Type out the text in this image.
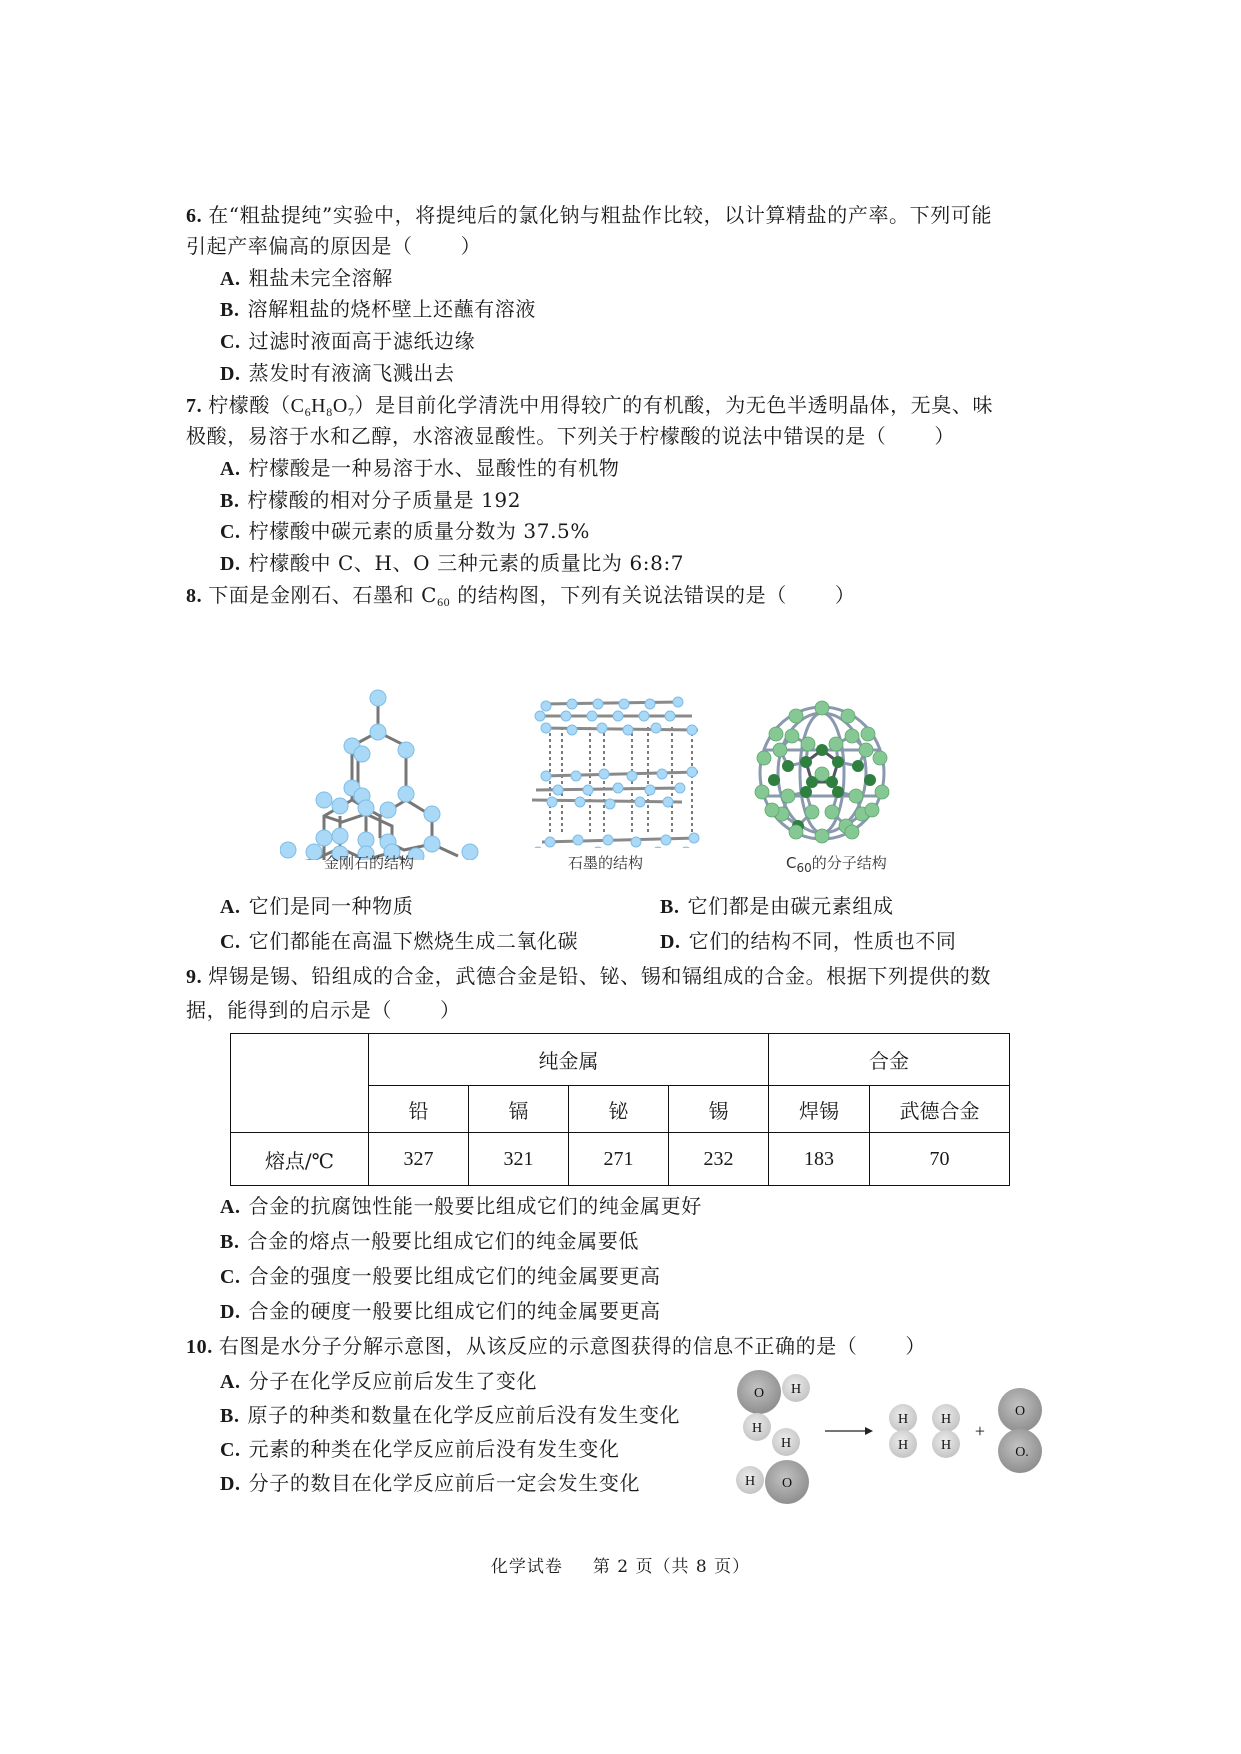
6. 在“粗盐提纯”实验中，将提纯后的氯化钠与粗盐作比较，以计算精盐的产率。下列可能
引起产率偏高的原因是（ ）
A. 粗盐未完全溶解
B. 溶解粗盐的烧杯壁上还蘸有溶液
C. 过滤时液面高于滤纸边缘
D. 蒸发时有液滴飞溅出去
7. 柠檬酸$(C_6H_8O_7)$是目前化学清洗中用得较广的有机酸，为无色半透明晶体，无臭、味
极酸，易溶于水和乙醇，水溶液显酸性。下列关于柠檬酸的说法中错误的是（ ）
A. 柠檬酸是一种易溶于水、显酸性的有机物
B. 柠檬酸的相对分子质量是 192
C. 柠檬酸中碳元素的质量分数为 37.5%
D. 柠檬酸中 C、H、O 三种元素的质量比为 6:8:7
8. 下面是金刚石、石墨和 $C_{60}$ 的结构图，下列有关说法错误的是（ ）
金刚石的结构	石墨的结构	$C_{60}$的分子结构
A. 它们是同一种物质	B. 它们都是由碳元素组成
C. 它们都能在高温下燃烧生成二氧化碳	D. 它们的结构不同，性质也不同
9. 焊锡是锡、铅组成的合金，武德合金是铅、铋、锡和镉组成的合金。根据下列提供的数
据，能得到的启示是（ ）
	纯金属				合金	
	铅	镉	铋	锡	焊锡	武德合金
熔点/℃	327	321	271	232	183	70
A. 合金的抗腐蚀性能一般要比组成它们的纯金属更好
B. 合金的熔点一般要比组成它们的纯金属要低
C. 合金的强度一般要比组成它们的纯金属要更高
D. 合金的硬度一般要比组成它们的纯金属要更高
10. 右图是水分子分解示意图，从该反应的示意图获得的信息不正确的是（ ）
A. 分子在化学反应前后发生了变化
B. 原子的种类和数量在化学反应前后没有发生变化
C. 元素的种类在化学反应前后没有发生变化
D. 分子的数目在化学反应前后一定会发生变化
O H
H
H
H O
H
H
H
H
+
O
O.
化学试卷 第 2 页（共 8 页）
